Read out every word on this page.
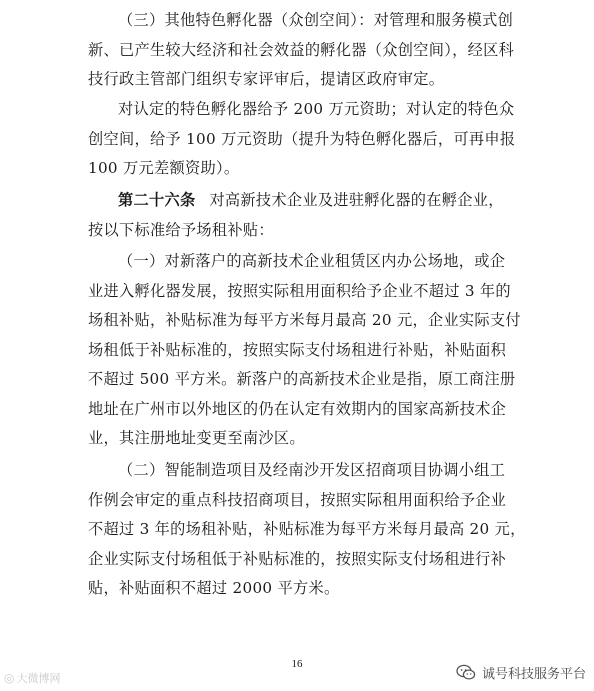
（三）其他特色孵化器（众创空间）：对管理和服务模式创
新、已产生较大经济和社会效益的孵化器（众创空间），经区科
技行政主管部门组织专家评审后，提请区政府审定。

对认定的特色孵化器给予 200 万元资助；对认定的特色众
创空间，给予 100 万元资助（提升为特色孵化器后，可再申报
100 万元差额资助）。

第二十六条 对高新技术企业及进驻孵化器的在孵企业，
按以下标准给予场租补贴：

（一）对新落户的高新技术企业租赁区内办公场地，或企
业进入孵化器发展，按照实际租用面积给予企业不超过 3 年的
场租补贴，补贴标准为每平方米每月最高 20 元，企业实际支付
场租低于补贴标准的，按照实际支付场租进行补贴，补贴面积
不超过 500 平方米。新落户的高新技术企业是指，原工商注册
地址在广州市以外地区的仍在认定有效期内的国家高新技术企
业，其注册地址变更至南沙区。

（二）智能制造项目及经南沙开发区招商项目协调小组工
作例会审定的重点科技招商项目，按照实际租用面积给予企业
不超过 3 年的场租补贴，补贴标准为每平方米每月最高 20 元，
企业实际支付场租低于补贴标准的，按照实际支付场租进行补
贴，补贴面积不超过 2000 平方米。

16
◎ 大微博网	诚号科技服务平台
